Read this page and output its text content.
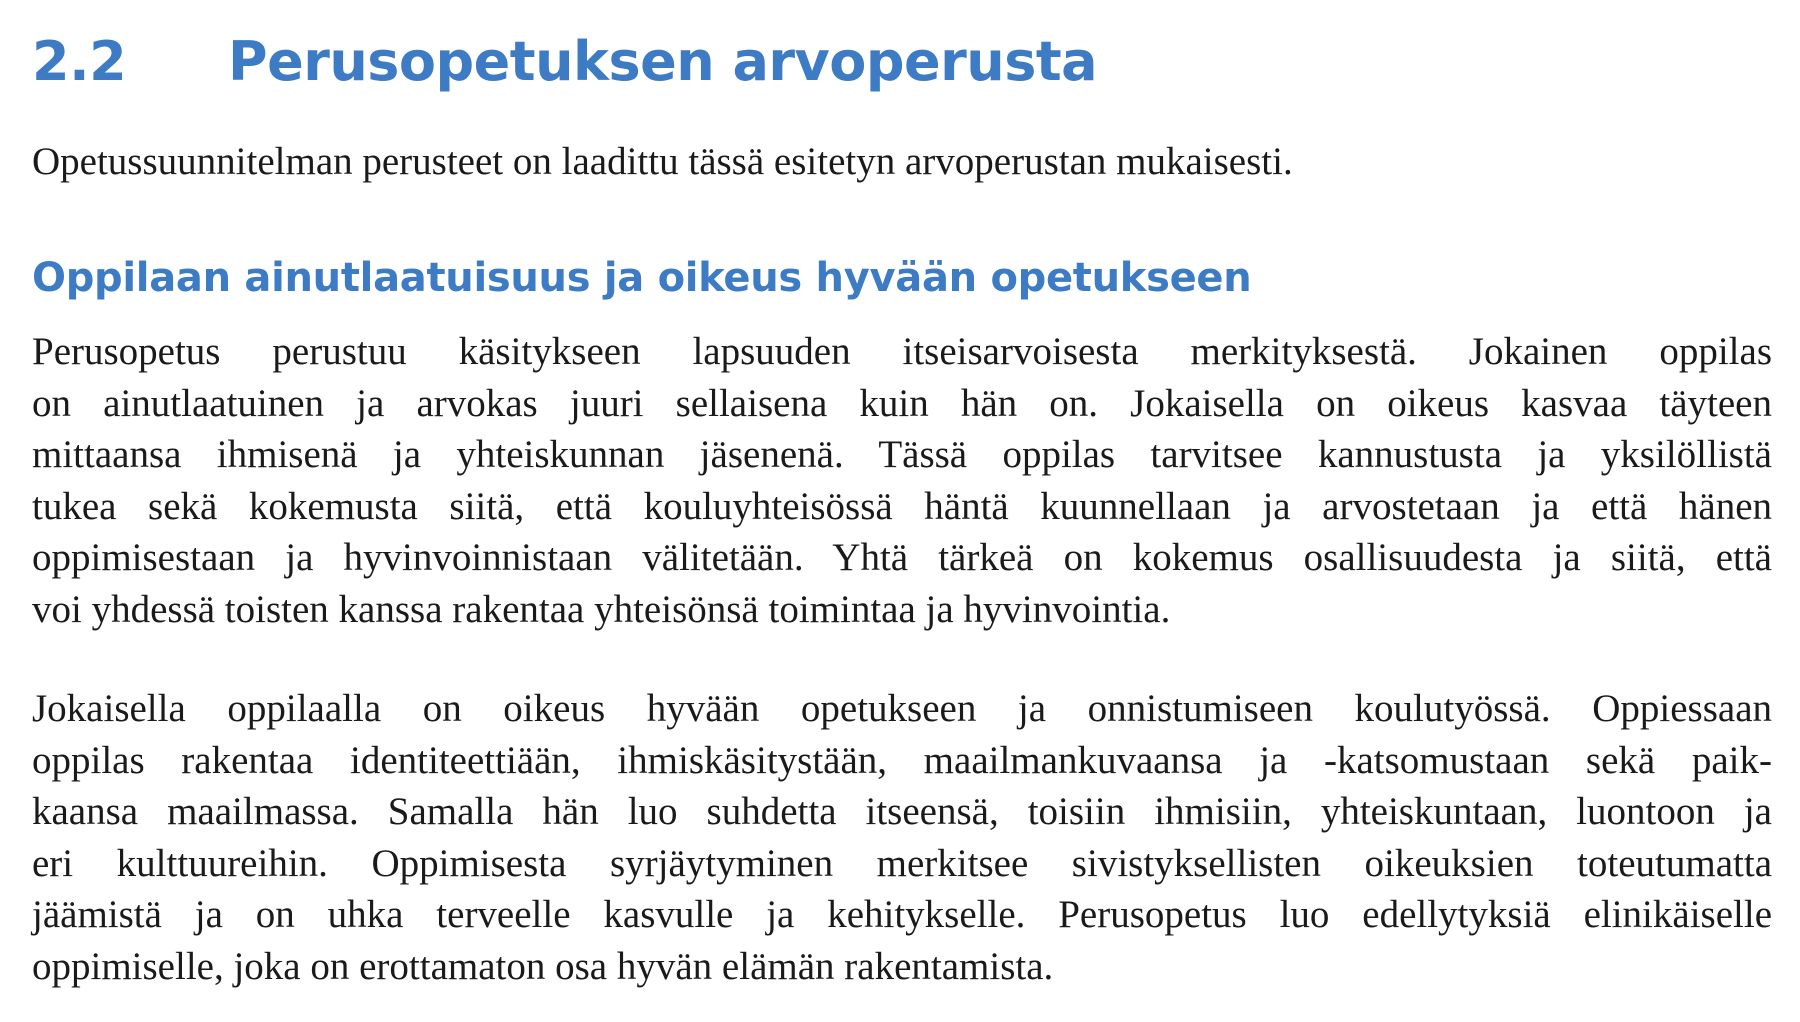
2.2 Perusopetuksen arvoperusta

Opetussuunnitelman perusteet on laadittu tässä esitetyn arvoperustan mukaisesti.

Oppilaan ainutlaatuisuus ja oikeus hyvään opetukseen

Perusopetus perustuu käsitykseen lapsuuden itseisarvoisesta merkityksestä. Jokainen oppilas
on ainutlaatuinen ja arvokas juuri sellaisena kuin hän on. Jokaisella on oikeus kasvaa täyteen
mittaansa ihmisenä ja yhteiskunnan jäsenenä. Tässä oppilas tarvitsee kannustusta ja yksilöllistä
tukea sekä kokemusta siitä, että kouluyhteisössä häntä kuunnellaan ja arvostetaan ja että hänen
oppimisestaan ja hyvinvoinnistaan välitetään. Yhtä tärkeä on kokemus osallisuudesta ja siitä, että
voi yhdessä toisten kanssa rakentaa yhteisönsä toimintaa ja hyvinvointia.

Jokaisella oppilaalla on oikeus hyvään opetukseen ja onnistumiseen koulutyössä. Oppiessaan
oppilas rakentaa identiteettiään, ihmiskäsitystään, maailmankuvaansa ja -katsomustaan sekä paik-
kaansa maailmassa. Samalla hän luo suhdetta itseensä, toisiin ihmisiin, yhteiskuntaan, luontoon ja
eri kulttuureihin. Oppimisesta syrjäytyminen merkitsee sivistyksellisten oikeuksien toteutumatta
jäämistä ja on uhka terveelle kasvulle ja kehitykselle. Perusopetus luo edellytyksiä elinikäiselle
oppimiselle, joka on erottamaton osa hyvän elämän rakentamista.
